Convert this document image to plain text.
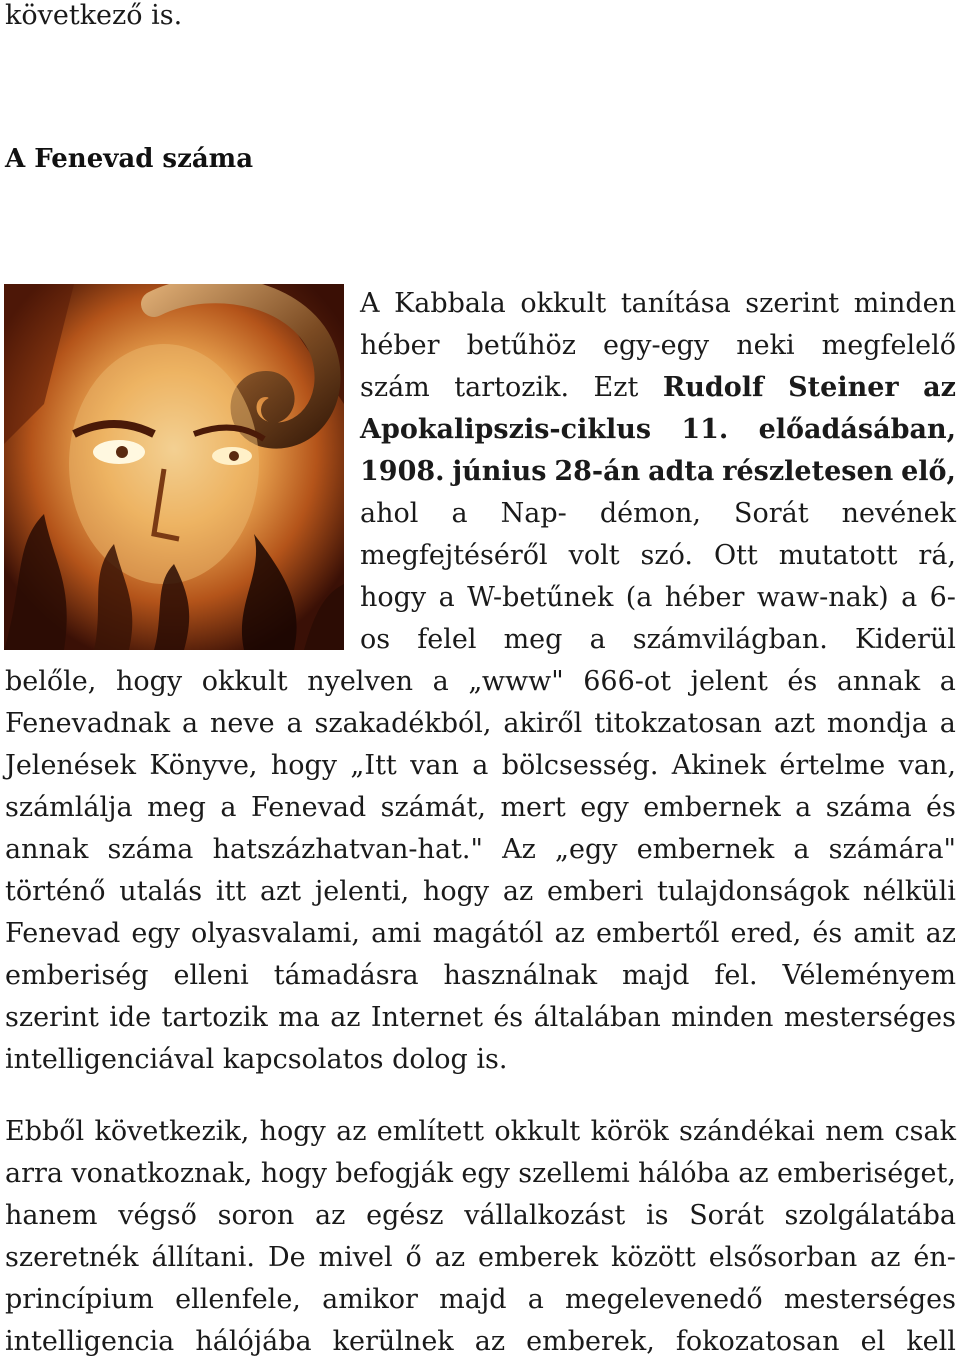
következő is.

A Fenevad száma

A Kabbala okkult tanítása szerint minden

héber betűhöz egy-egy neki megfelelő

szám tartozik. Ezt Rudolf Steiner az

Apokalipszis-ciklus 11. előadásában,

1908. június 28-án adta részletesen elő,

ahol a Nap- démon, Sorát nevének

megfejtéséről volt szó. Ott mutatott rá,

hogy a W-betűnek (a héber waw-nak) a 6-

os felel meg a számvilágban. Kiderül

belőle, hogy okkult nyelven a „www" 666-ot jelent és annak a

Fenevadnak a neve a szakadékból, akiről titokzatosan azt mondja a

Jelenések Könyve, hogy „Itt van a bölcsesség. Akinek értelme van,

számlálja meg a Fenevad számát, mert egy embernek a száma és

annak száma hatszázhatvan-hat." Az „egy embernek a számára"

történő utalás itt azt jelenti, hogy az emberi tulajdonságok nélküli

Fenevad egy olyasvalami, ami magától az embertől ered, és amit az

emberiség elleni támadásra használnak majd fel. Véleményem

szerint ide tartozik ma az Internet és általában minden mesterséges

intelligenciával kapcsolatos dolog is.

Ebből következik, hogy az említett okkult körök szándékai nem csak

arra vonatkoznak, hogy befogják egy szellemi hálóba az emberiséget,

hanem végső soron az egész vállalkozást is Sorát szolgálatába

szeretnék állítani. De mivel ő az emberek között elsősorban az én-

princípium ellenfele, amikor majd a megelevenedő mesterséges

intelligencia hálójába kerülnek az emberek, fokozatosan el kell
